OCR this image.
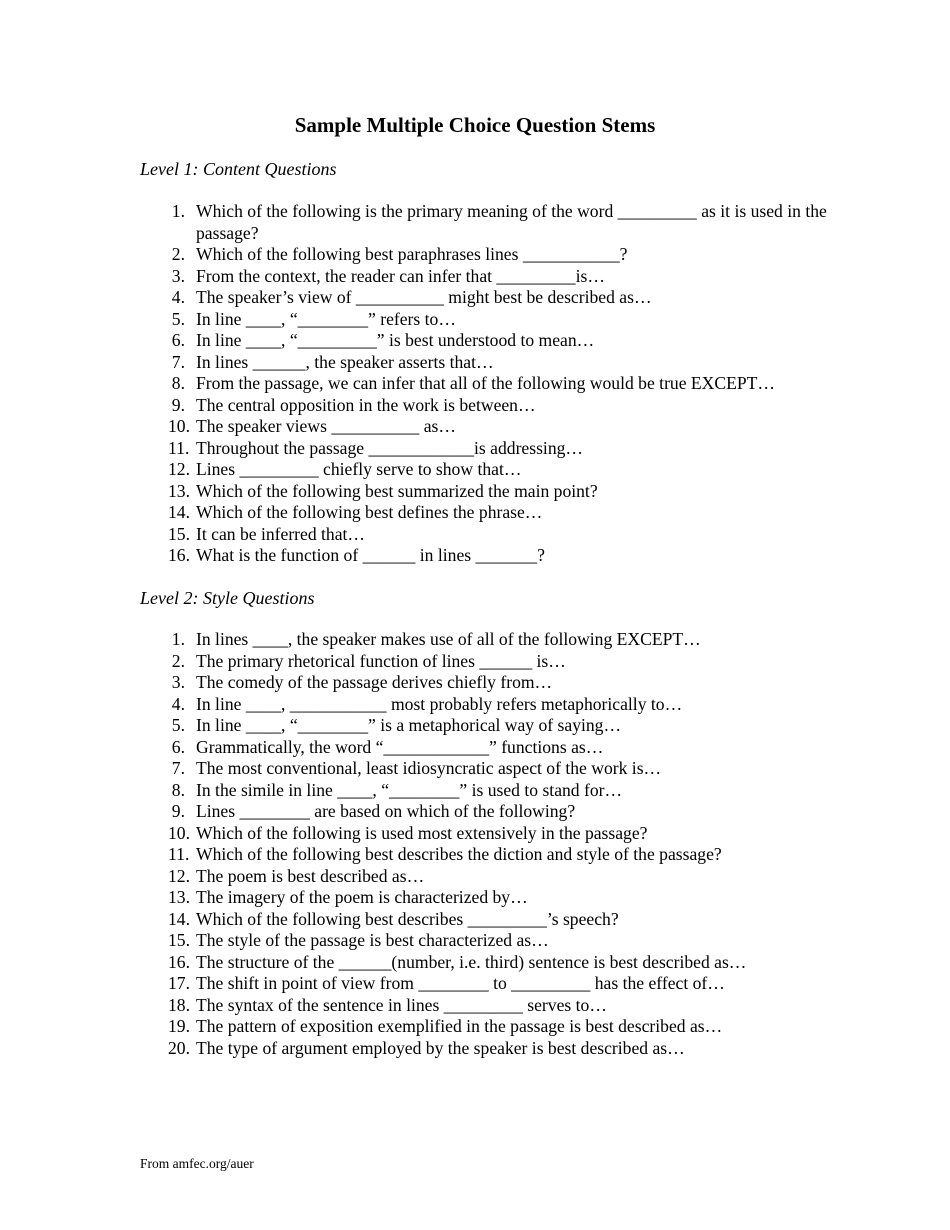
Sample Multiple Choice Question Stems
Level 1: Content Questions
1. Which of the following is the primary meaning of the word _________ as it is used in the passage?
2. Which of the following best paraphrases lines ___________?
3. From the context, the reader can infer that _________is…
4. The speaker’s view of __________ might best be described as…
5. In line ____, “________” refers to…
6. In line ____, “_________” is best understood to mean…
7. In lines ______, the speaker asserts that…
8. From the passage, we can infer that all of the following would be true EXCEPT…
9. The central opposition in the work is between…
10. The speaker views __________ as…
11. Throughout the passage ____________is addressing…
12. Lines _________ chiefly serve to show that…
13. Which of the following best summarized the main point?
14. Which of the following best defines the phrase…
15. It can be inferred that…
16. What is the function of ______ in lines _______?
Level 2: Style Questions
1. In lines ____, the speaker makes use of all of the following EXCEPT…
2. The primary rhetorical function of lines ______ is…
3. The comedy of the passage derives chiefly from…
4. In line ____, ___________ most probably refers metaphorically to…
5. In line ____, “________” is a metaphorical way of saying…
6. Grammatically, the word “____________” functions as…
7. The most conventional, least idiosyncratic aspect of the work is…
8. In the simile in line ____, “________” is used to stand for…
9. Lines ________ are based on which of the following?
10. Which of the following is used most extensively in the passage?
11. Which of the following best describes the diction and style of the passage?
12. The poem is best described as…
13. The imagery of the poem is characterized by…
14. Which of the following best describes _________’s speech?
15. The style of the passage is best characterized as…
16. The structure of the ______(number, i.e. third) sentence is best described as…
17. The shift in point of view from ________ to _________ has the effect of…
18. The syntax of the sentence in lines _________ serves to…
19. The pattern of exposition exemplified in the passage is best described as…
20. The type of argument employed by the speaker is best described as…
From amfec.org/auer
